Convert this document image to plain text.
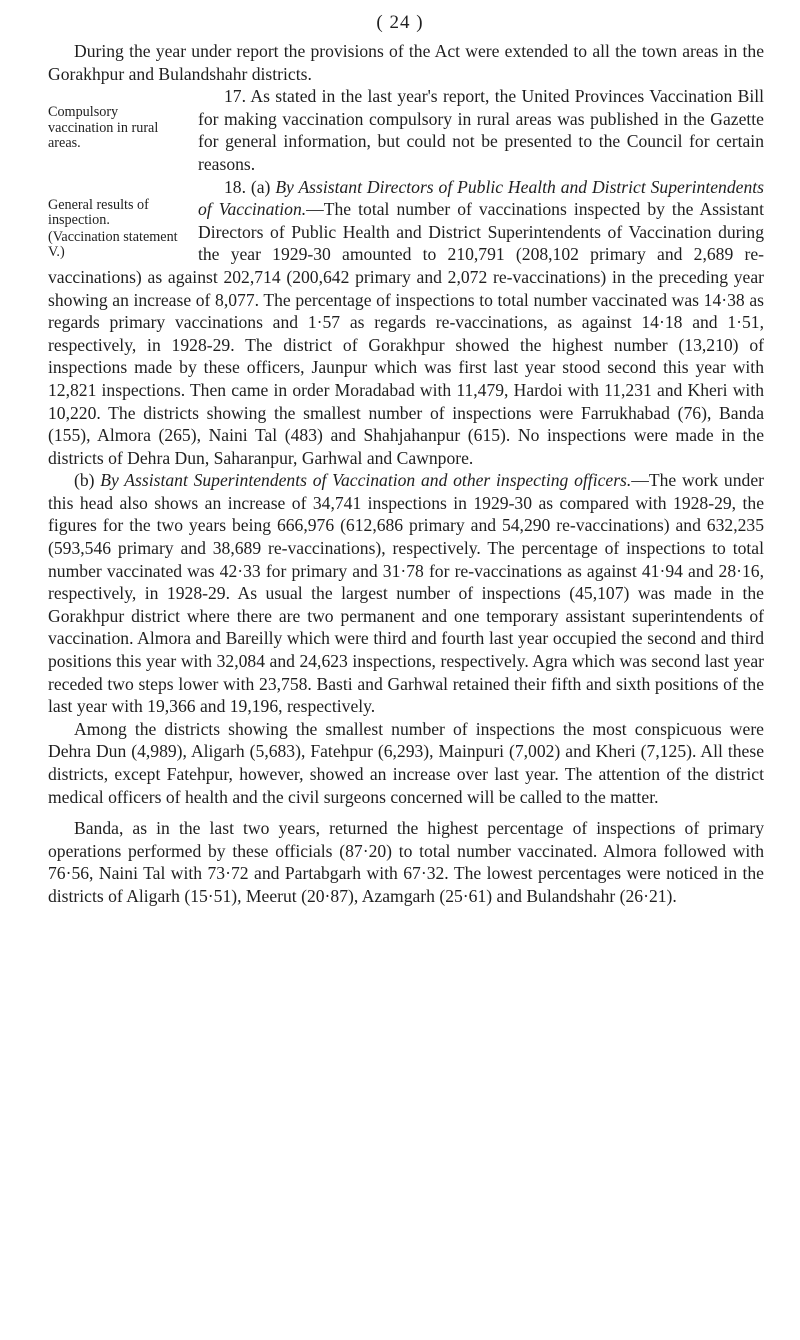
( 24 )

During the year under report the provisions of the Act were extended to all the town areas in the Gorakhpur and Bulandshahr districts.

Compulsory vaccination in rural areas.
17. As stated in the last year's report, the United Provinces Vaccination Bill for making vaccination compulsory in rural areas was published in the Gazette for general information, but could not be presented to the Council for certain reasons.

General results of inspection.
(Vaccination statement V.)
18. (a) By Assistant Directors of Public Health and District Superintendents of Vaccination.—The total number of vaccinations inspected by the Assistant Directors of Public Health and District Superintendents of Vaccination during the year 1929-30 amounted to 210,791 (208,102 primary and 2,689 re-vaccinations) as against 202,714 (200,642 primary and 2,072 re-vaccinations) in the preceding year showing an increase of 8,077. The percentage of inspections to total number vaccinated was 14·38 as regards primary vaccinations and 1·57 as regards re-vaccinations, as against 14·18 and 1·51, respectively, in 1928-29. The district of Gorakhpur showed the highest number (13,210) of inspections made by these officers, Jaunpur which was first last year stood second this year with 12,821 inspections. Then came in order Moradabad with 11,479, Hardoi with 11,231 and Kheri with 10,220. The districts showing the smallest number of inspections were Farrukhabad (76), Banda (155), Almora (265), Naini Tal (483) and Shahjahanpur (615). No inspections were made in the districts of Dehra Dun, Saharanpur, Garhwal and Cawnpore.

(b) By Assistant Superintendents of Vaccination and other inspecting officers.—The work under this head also shows an increase of 34,741 inspections in 1929-30 as compared with 1928-29, the figures for the two years being 666,976 (612,686 primary and 54,290 re-vaccinations) and 632,235 (593,546 primary and 38,689 re-vaccinations), respectively. The percentage of inspections to total number vaccinated was 42·33 for primary and 31·78 for re-vaccinations as against 41·94 and 28·16, respectively, in 1928-29. As usual the largest number of inspections (45,107) was made in the Gorakhpur district where there are two permanent and one temporary assistant superintendents of vaccination. Almora and Bareilly which were third and fourth last year occupied the second and third positions this year with 32,084 and 24,623 inspections, respectively. Agra which was second last year receded two steps lower with 23,758. Basti and Garhwal retained their fifth and sixth positions of the last year with 19,366 and 19,196, respectively.

Among the districts showing the smallest number of inspections the most conspicuous were Dehra Dun (4,989), Aligarh (5,683), Fatehpur (6,293), Mainpuri (7,002) and Kheri (7,125). All these districts, except Fatehpur, however, showed an increase over last year. The attention of the district medical officers of health and the civil surgeons concerned will be called to the matter.

Banda, as in the last two years, returned the highest percentage of inspections of primary operations performed by these officials (87·20) to total number vaccinated. Almora followed with 76·56, Naini Tal with 73·72 and Partabgarh with 67·32. The lowest percentages were noticed in the districts of Aligarh (15·51), Meerut (20·87), Azamgarh (25·61) and Bulandshahr (26·21).
